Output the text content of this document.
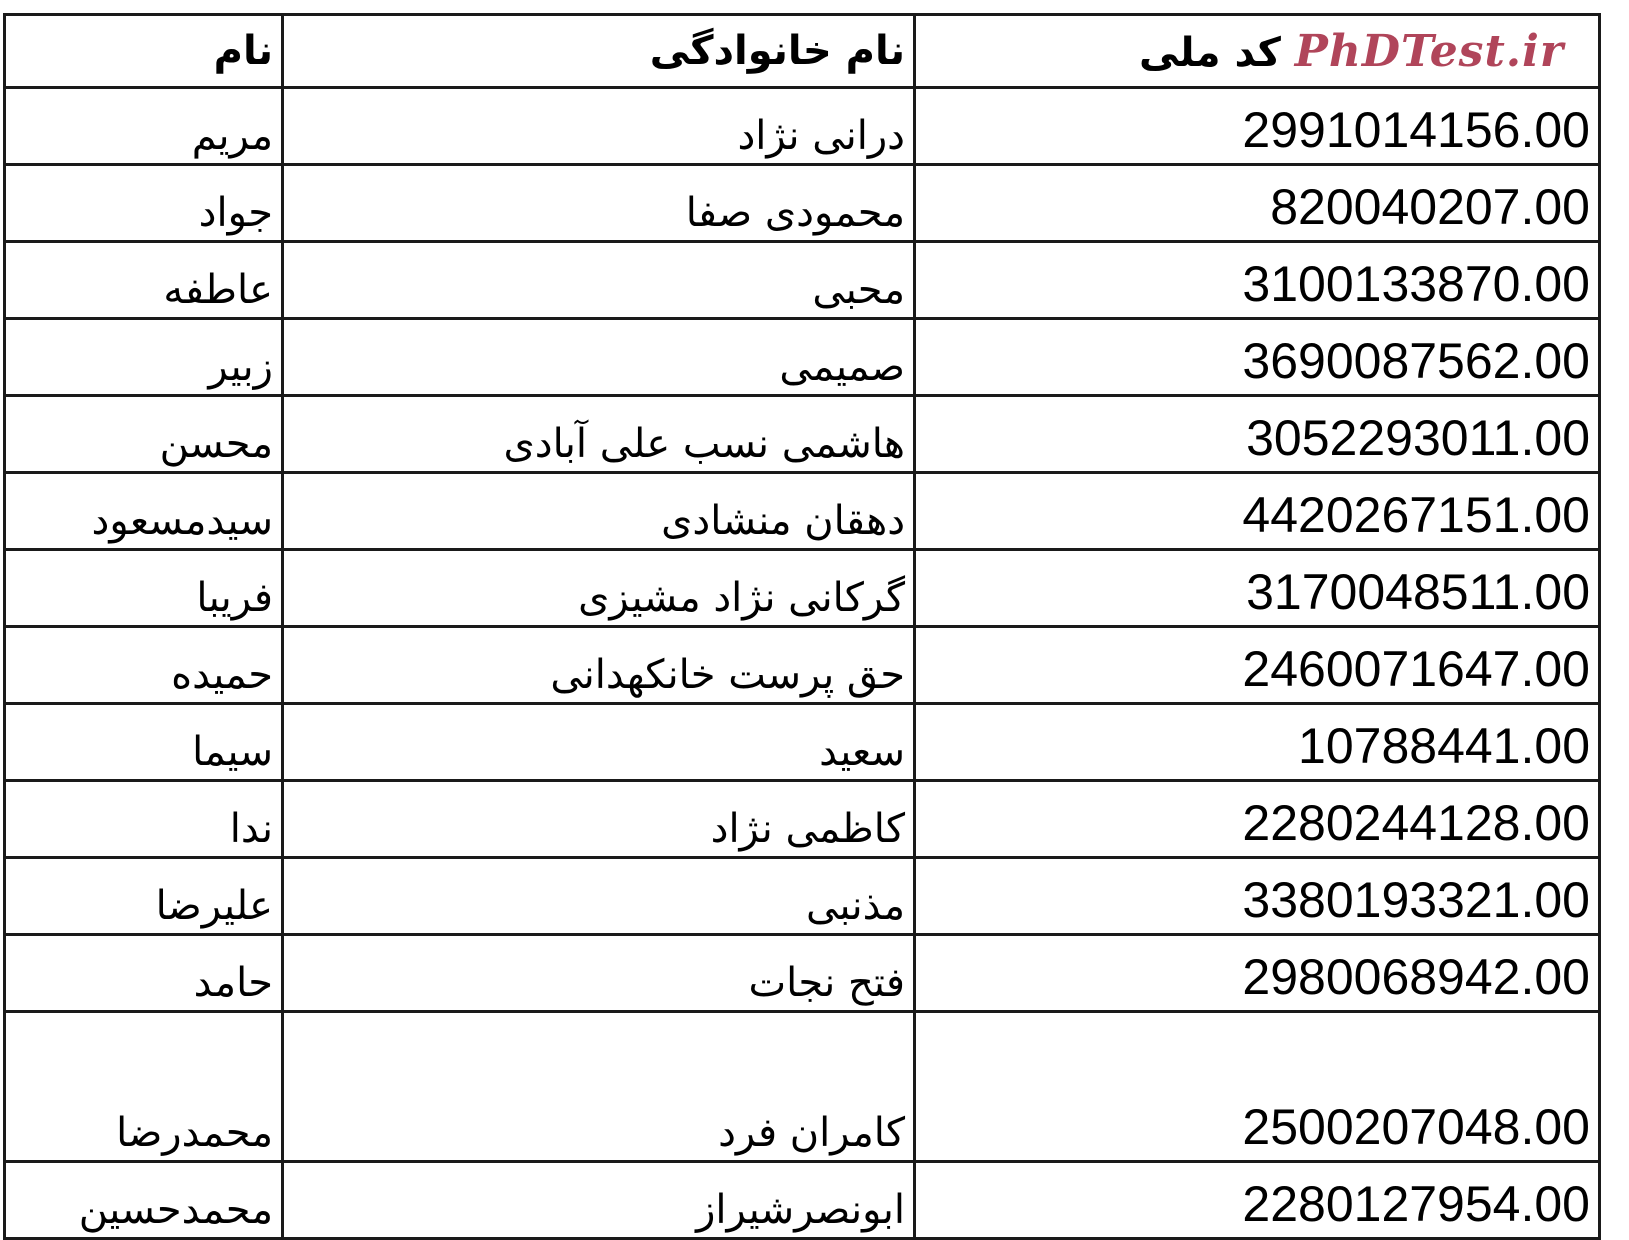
نام	نام خانوادگی	کد ملی PhDTest.ir
مریم	درانی نژاد	2991014156.00
جواد	محمودی صفا	820040207.00
عاطفه	محبی	3100133870.00
زبیر	صمیمی	3690087562.00
محسن	هاشمی نسب علی آبادی	3052293011.00
سیدمسعود	دهقان منشادی	4420267151.00
فریبا	گرکانی نژاد مشیزی	3170048511.00
حمیده	حق پرست خانکهدانی	2460071647.00
سیما	سعید	10788441.00
ندا	کاظمی نژاد	2280244128.00
علیرضا	مذنبی	3380193321.00
حامد	فتح نجات	2980068942.00
محمدرضا	کامران فرد	2500207048.00
محمدحسین	ابونصرشیراز	2280127954.00
